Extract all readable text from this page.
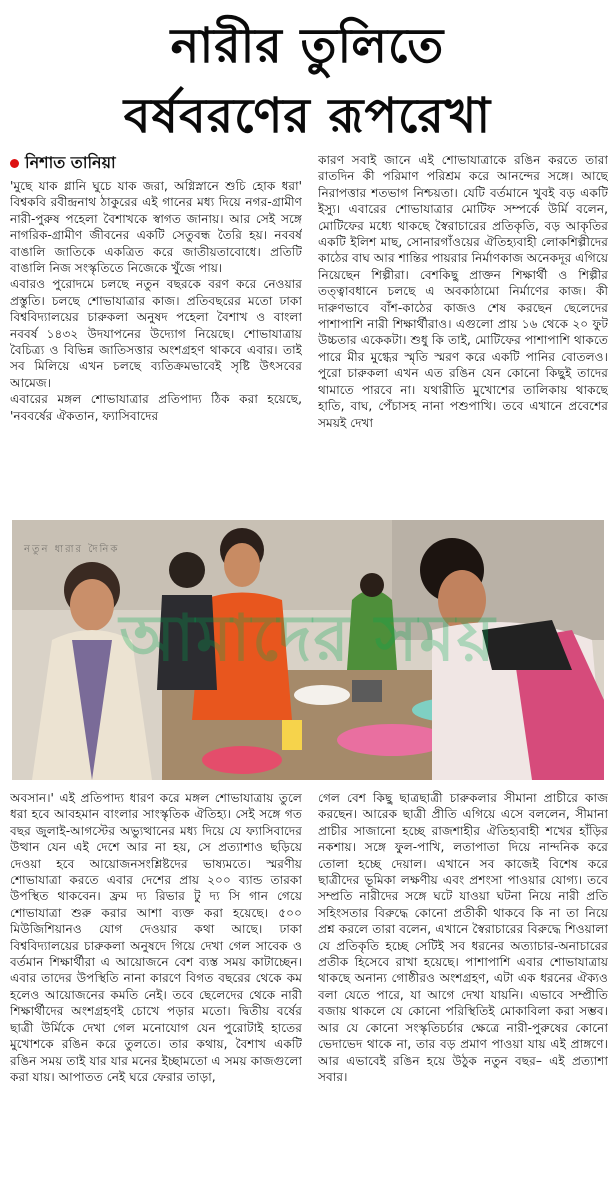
নারীর তুলিতে
বর্ষবরণের রূপরেখা
নিশাত তানিয়া

'মুছে যাক গ্লানি ঘুচে যাক জরা, অগ্নিস্নানে শুচি হোক ধরা' বিশ্বকবি রবীন্দ্রনাথ ঠাকুরের এই গানের মধ্য দিয়ে নগর-গ্রামীণ নারী-পুরুষ পহেলা বৈশাখকে স্বাগত জানায়। আর সেই সঙ্গে নাগরিক-গ্রামীণ জীবনের একটি সেতুবন্ধ তৈরি হয়। নববর্ষ বাঙালি জাতিকে একত্রিত করে জাতীয়তাবোধে। প্রতিটি বাঙালি নিজ সংস্কৃতিতে নিজেকে খুঁজে পায়।
এবারও পুরোদমে চলছে নতুন বছরকে বরণ করে নেওয়ার প্রস্তুতি। চলছে শোভাযাত্রার কাজ। প্রতিবছরের মতো ঢাকা বিশ্ববিদ্যালয়ের চারুকলা অনুষদ পহেলা বৈশাখ ও বাংলা নববর্ষ ১৪৩২ উদযাপনের উদ্যোগ নিয়েছে। শোভাযাত্রায় বৈচিত্র্য ও বিভিন্ন জাতিসত্তার অংশগ্রহণ থাকবে এবার। তাই সব মিলিয়ে এখন চলছে ব্যতিক্রমভাবেই সৃষ্টি উৎসবের আমেজ।
এবারের মঙ্গল শোভাযাত্রার প্রতিপাদ্য ঠিক করা হয়েছে, 'নববর্ষের ঐকতান, ফ্যাসিবাদের

কারণ সবাই জানে এই শোভাযাত্রাকে রঙিন করতে তারা রাতদিন কী পরিমাণ পরিশ্রম করে আনন্দের সঙ্গে। আছে নিরাপত্তার শতভাগ নিশ্চয়তা। যেটি বর্তমানে খুবই বড় একটি ইস্যু। এবারের শোভাযাত্রার মোটিফ সম্পর্কে উর্মি বলেন, মোটিফের মধ্যে থাকছে স্বৈরাচারের প্রতিকৃতি, বড় আকৃতির একটি ইলিশ মাছ, সোনারগাঁওয়ের ঐতিহ্যবাহী লোকশিল্পীদের কাঠের বাঘ আর শান্তির পায়রার নির্মাণকাজ অনেকদূর এগিয়ে নিয়েছেন শিল্পীরা। বেশকিছু প্রাক্তন শিক্ষার্থী ও শিল্পীর তত্ত্বাবধানে চলছে এ অবকাঠামো নির্মাণের কাজ। কী দারুণভাবে বাঁশ-কাঠের কাজও শেষ করছেন ছেলেদের পাশাপাশি নারী শিক্ষার্থীরাও। এগুলো প্রায় ১৬ থেকে ২০ ফুট উচ্চতার একেকটা। শুধু কি তাই, মোটিফের পাশাপাশি থাকতে পারে মীর মুগ্ধের স্মৃতি স্মরণ করে একটি পানির বোতলও। পুরো চারুকলা এখন এত রঙিন যেন কোনো কিছুই তাদের থামাতে পারবে না। যথারীতি মুখোশের তালিকায় থাকছে হাতি, বাঘ, পেঁচাসহ নানা পশুপাখি। তবে এখানে প্রবেশের সময়ই দেখা

নতুন ধারার দৈনিক
আমাদের সময়

অবসান।' এই প্রতিপাদ্য ধারণ করে মঙ্গল শোভাযাত্রায় তুলে ধরা হবে আবহমান বাংলার সাংস্কৃতিক ঐতিহ্য। সেই সঙ্গে গত বছর জুলাই-আগস্টের অভ্যুত্থানের মধ্য দিয়ে যে ফ্যাসিবাদের উত্থান যেন এই দেশে আর না হয়, সে প্রত্যাশাও ছড়িয়ে দেওয়া হবে আয়োজনসংশ্লিষ্টদের ভাষ্যমতে। স্মরণীয় শোভাযাত্রা করতে এবার দেশের প্রায় ২০০ ব্যান্ড তারকা উপস্থিত থাকবেন। ফ্রম দ্য রিভার টু দ্য সি গান গেয়ে শোভাযাত্রা শুরু করার আশা ব্যক্ত করা হয়েছে। ৫০০ মিউজিশিয়ানও যোগ দেওয়ার কথা আছে। ঢাকা বিশ্ববিদ্যালয়ের চারুকলা অনুষদে গিয়ে দেখা গেল সাবেক ও বর্তমান শিক্ষার্থীরা এ আয়োজনে বেশ ব্যস্ত সময় কাটাচ্ছেন। এবার তাদের উপস্থিতি নানা কারণে বিগত বছরের থেকে কম হলেও আয়োজনের কমতি নেই। তবে ছেলেদের থেকে নারী শিক্ষার্থীদের অংশগ্রহণই চোখে পড়ার মতো। দ্বিতীয় বর্ষের ছাত্রী উর্মিকে দেখা গেল মনোযোগ যেন পুরোটাই হাতের মুখোশকে রঙিন করে তুলতে। তার কথায়, বৈশাখ একটি রঙিন সময় তাই যার যার মনের ইচ্ছামতো এ সময় কাজগুলো করা যায়। আপাতত নেই ঘরে ফেরার তাড়া,

গেল বেশ কিছু ছাত্রছাত্রী চারুকলার সীমানা প্রাচীরে কাজ করছেন। আরেক ছাত্রী প্রীতি এগিয়ে এসে বললেন, সীমানা প্রাচীর সাজানো হচ্ছে রাজশাহীর ঐতিহ্যবাহী শখের হাঁড়ির নকশায়। সঙ্গে ফুল-পাখি, লতাপাতা দিয়ে নান্দনিক করে তোলা হচ্ছে দেয়াল। এখানে সব কাজেই বিশেষ করে ছাত্রীদের ভূমিকা লক্ষণীয় এবং প্রশংসা পাওয়ার যোগ্য। তবে সম্প্রতি নারীদের সঙ্গে ঘটে যাওয়া ঘটনা নিয়ে নারী প্রতি সহিংসতার বিরুদ্ধে কোনো প্রতীকী থাকবে কি না তা নিয়ে প্রশ্ন করলে তারা বলেন, এখানে স্বৈরাচারের বিরুদ্ধে শিওয়ালা যে প্রতিকৃতি হচ্ছে সেটিই সব ধরনের অত্যাচার-অনাচারের প্রতীক হিসেবে রাখা হয়েছে। পাশাপাশি এবার শোভাযাত্রায় থাকছে অনান্য গোষ্ঠীরও অংশগ্রহণ, এটা এক ধরনের ঐক্যও বলা যেতে পারে, যা আগে দেখা যায়নি। এভাবে সম্প্রীতি বজায় থাকলে যে কোনো পরিস্থিতিই মোকাবিলা করা সম্ভব। আর যে কোনো সংস্কৃতিচর্চার ক্ষেত্রে নারী-পুরুষের কোনো ভেদাভেদ থাকে না, তার বড় প্রমাণ পাওয়া যায় এই প্রাঙ্গণে। আর এভাবেই রঙিন হয়ে উঠুক নতুন বছর– এই প্রত্যাশা সবার।
